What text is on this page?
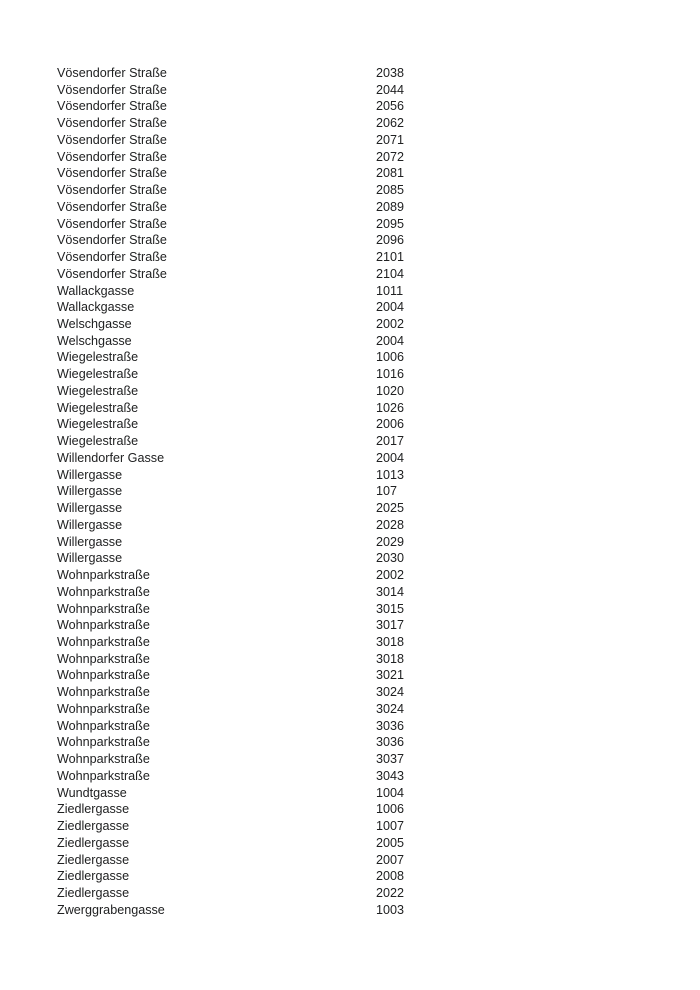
Vösendorfer Straße	2038
Vösendorfer Straße	2044
Vösendorfer Straße	2056
Vösendorfer Straße	2062
Vösendorfer Straße	2071
Vösendorfer Straße	2072
Vösendorfer Straße	2081
Vösendorfer Straße	2085
Vösendorfer Straße	2089
Vösendorfer Straße	2095
Vösendorfer Straße	2096
Vösendorfer Straße	2101
Vösendorfer Straße	2104
Wallackgasse	1011
Wallackgasse	2004
Welschgasse	2002
Welschgasse	2004
Wiegelestraße	1006
Wiegelestraße	1016
Wiegelestraße	1020
Wiegelestraße	1026
Wiegelestraße	2006
Wiegelestraße	2017
Willendorfer Gasse	2004
Willergasse	1013
Willergasse	107
Willergasse	2025
Willergasse	2028
Willergasse	2029
Willergasse	2030
Wohnparkstraße	2002
Wohnparkstraße	3014
Wohnparkstraße	3015
Wohnparkstraße	3017
Wohnparkstraße	3018
Wohnparkstraße	3018
Wohnparkstraße	3021
Wohnparkstraße	3024
Wohnparkstraße	3024
Wohnparkstraße	3036
Wohnparkstraße	3036
Wohnparkstraße	3037
Wohnparkstraße	3043
Wundtgasse	1004
Ziedlergasse	1006
Ziedlergasse	1007
Ziedlergasse	2005
Ziedlergasse	2007
Ziedlergasse	2008
Ziedlergasse	2022
Zwerggrabengasse	1003
